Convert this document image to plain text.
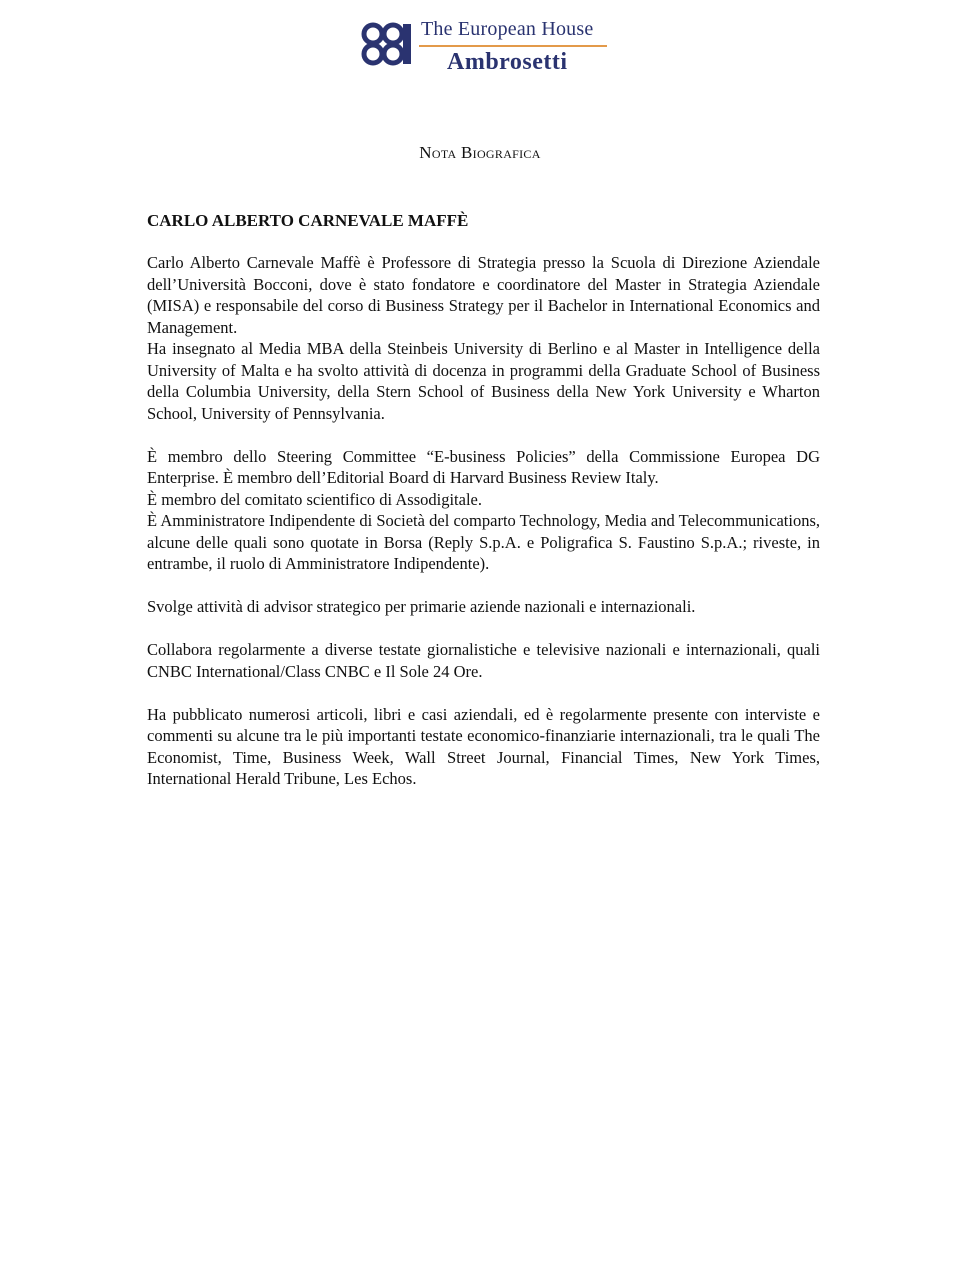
The European House
Ambrosetti
Nota Biografica
CARLO ALBERTO CARNEVALE MAFFÈ
Carlo Alberto Carnevale Maffè è Professore di Strategia presso la Scuola di Direzione Aziendale dell’Università Bocconi, dove è stato fondatore e coordinatore del Master in Strategia Aziendale (MISA) e responsabile del corso di Business Strategy per il Bachelor in International Economics and Management.
Ha insegnato al Media MBA della Steinbeis University di Berlino e al Master in Intelligence della University of Malta e ha svolto attività di docenza in programmi della Graduate School of Business della Columbia University, della Stern School of Business della New York University e Wharton School, University of Pennsylvania.
È membro dello Steering Committee “E-business Policies” della Commissione Europea DG Enterprise. È membro dell’Editorial Board di Harvard Business Review Italy.
È membro del comitato scientifico di Assodigitale.
È Amministratore Indipendente di Società del comparto Technology, Media and Telecommunications, alcune delle quali sono quotate in Borsa (Reply S.p.A. e Poligrafica S. Faustino S.p.A.; riveste, in entrambe, il ruolo di Amministratore Indipendente).
Svolge attività di advisor strategico per primarie aziende nazionali e internazionali.
Collabora regolarmente a diverse testate giornalistiche e televisive nazionali e internazionali, quali CNBC International/Class CNBC e Il Sole 24 Ore.
Ha pubblicato numerosi articoli, libri e casi aziendali, ed è regolarmente presente con interviste e commenti su alcune tra le più importanti testate economico-finanziarie internazionali, tra le quali The Economist, Time, Business Week, Wall Street Journal, Financial Times, New York Times, International Herald Tribune, Les Echos.
